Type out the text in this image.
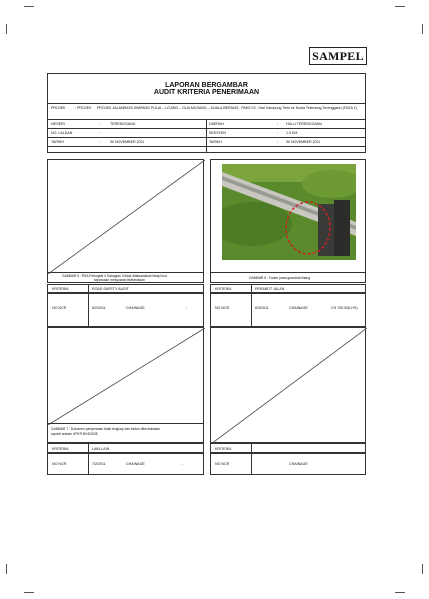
SAMPEL
LAPORAN BERGAMBAR
AUDIT KRITERIA PENERIMAAN
PROJEK	: PROJEK PROJEK JALANRAYA SIMPANG PULAI – LOJING – GUA MUSANG – KUALA BERANG : PAKEJ 8 : Dari Kampung Teris ke Kuala Telemong,Terengganu (FASA 1)
NEGERI	:	TERENGGANU	DAERAH	: HULU TERENGGANU
NO. LALUAN	:	SEKSYEN	: 1.5 KM
TARIKH	:	30 NOVEMBER 2011	TARIKH	: 30 NOVEMBER 2011
GAMBAR 5 : RSA Peringkat 4 Sahagian 3 tidak dilaksanakan tetapi ikut
keputusan mesyuarat diselaraskan
KRITERIA	ROAD SAFETY AUDIT
NO NCR	6/2/2011	CHAINAGE	-
GAMBAR 6 : Footer pada guardrail hilang
KRITERIA	PERABOT JALAN
NO NCR	6/3/2011	CHAINAGE	CH 700.00(LHS)
GAMBAR 7 : Dokumen penyerahan tidak lengkap dan belum dikemukakan
seperti arahan KPKR Bil 8/2005
KRITERIA	LAIN-LAIN
NO NCR	7/2/2011	CHAINAGE	-
KRITERIA
NO NCR	CHAINAGE
